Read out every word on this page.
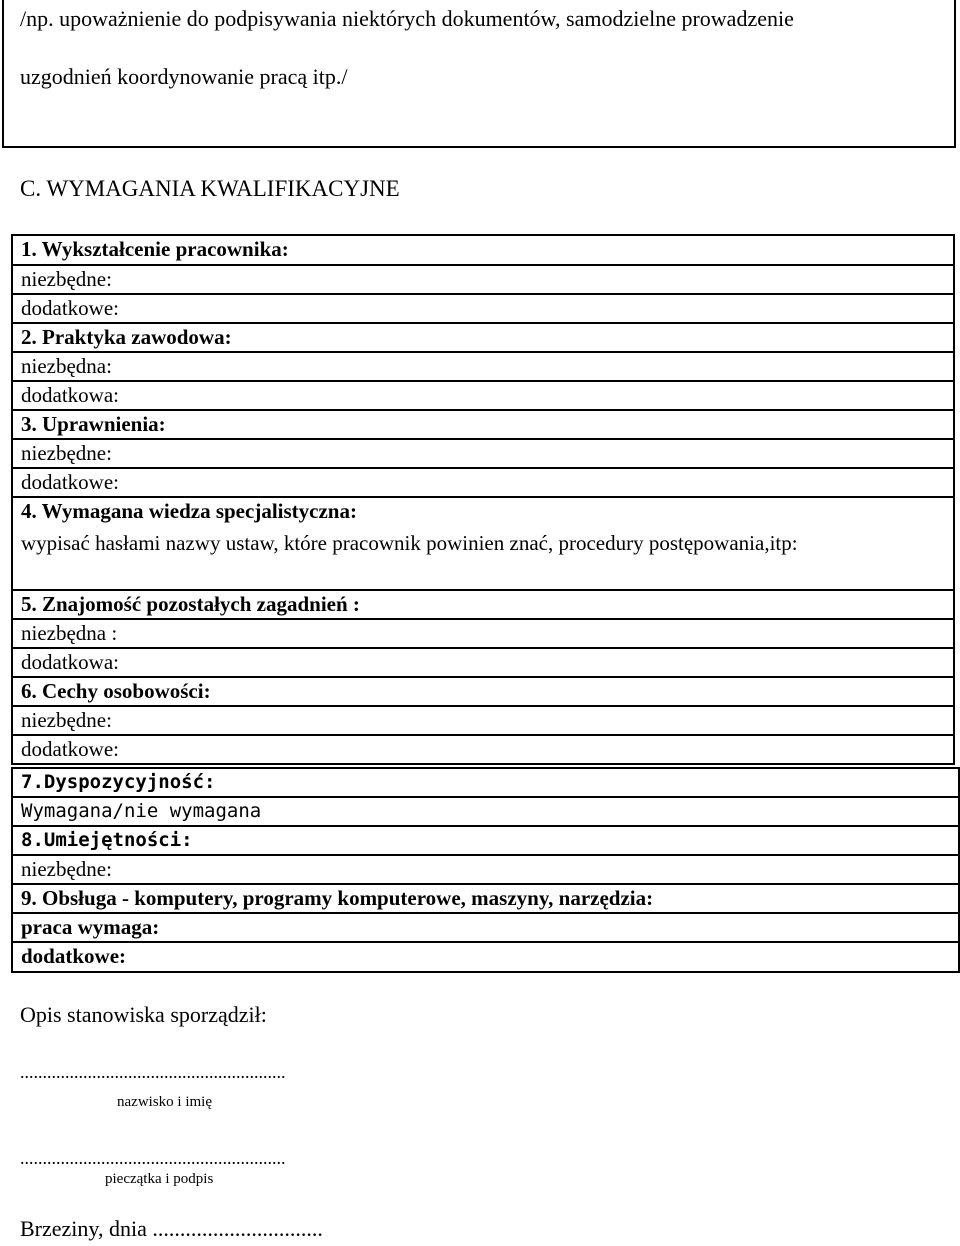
/np. upoważnienie do podpisywania niektórych dokumentów, samodzielne prowadzenie
uzgodnień koordynowanie pracą itp./
C. WYMAGANIA KWALIFIKACYJNE
1. Wykształcenie pracownika:
niezbędne:
dodatkowe:
2. Praktyka zawodowa:
niezbędna:
dodatkowa:
3. Uprawnienia:
niezbędne:
dodatkowe:
4. Wymagana wiedza specjalistyczna:
wypisać hasłami nazwy ustaw, które pracownik powinien znać, procedury postępowania,itp:
5. Znajomość pozostałych zagadnień :
niezbędna :
dodatkowa:
6. Cechy osobowości:
niezbędne:
dodatkowe:
7.Dyspozycyjność:
Wymagana/nie wymagana
8.Umiejętności:
niezbędne:
9. Obsługa - komputery, programy komputerowe, maszyny, narzędzia:
praca wymaga:
dodatkowe:
Opis stanowiska sporządził:
...........................................................
nazwisko i imię
...........................................................
pieczątka i podpis
Brzeziny, dnia ...............................
